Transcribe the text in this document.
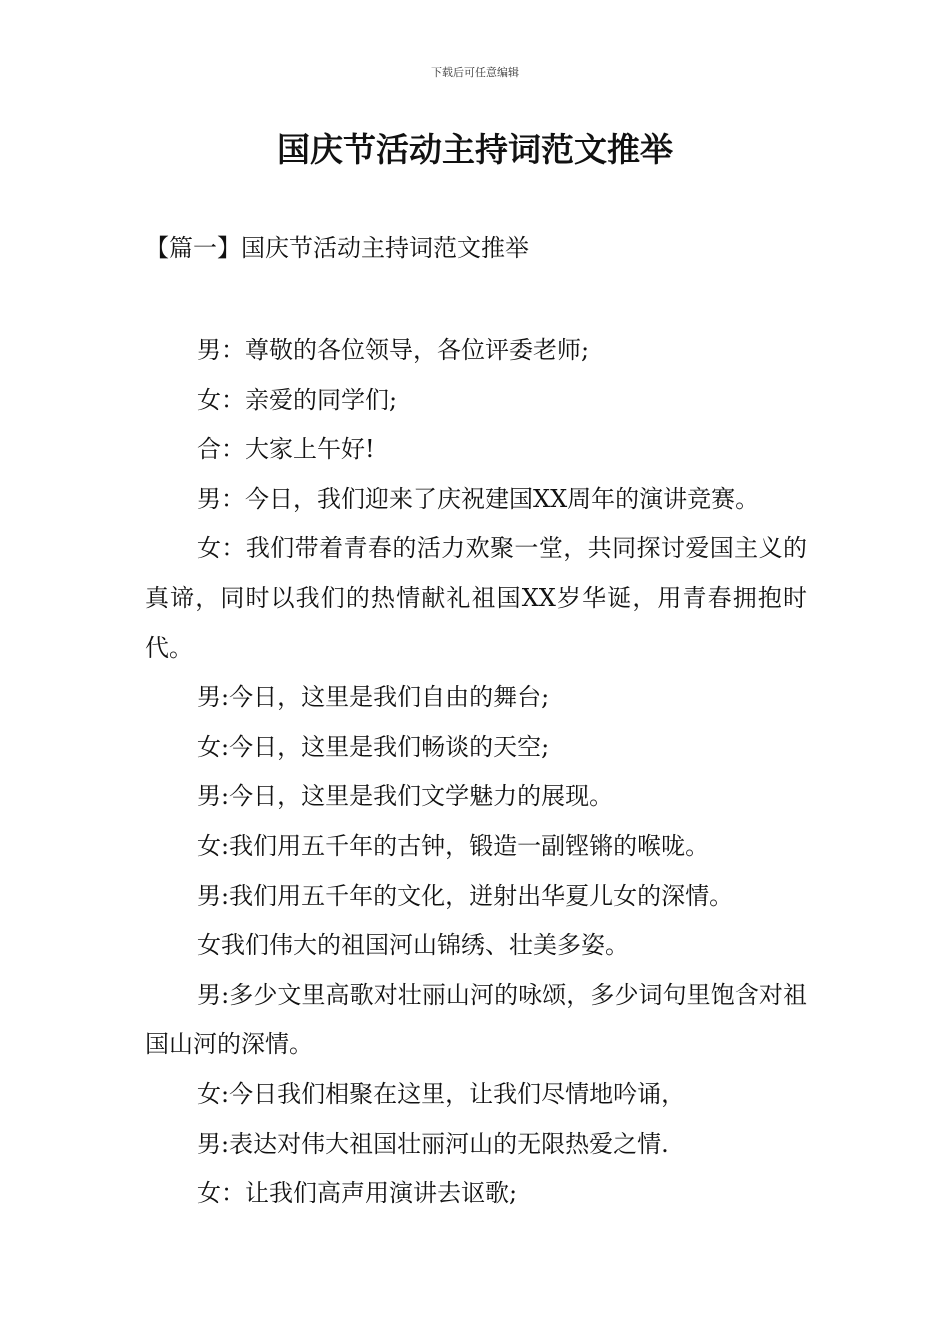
下载后可任意编辑
国庆节活动主持词范文推举
【篇一】国庆节活动主持词范文推举

男：尊敬的各位领导，各位评委老师;

女：亲爱的同学们;

合：大家上午好!

男：今日，我们迎来了庆祝建国XX周年的演讲竞赛。

女：我们带着青春的活力欢聚一堂，共同探讨爱国主义的真谛，同时以我们的热情献礼祖国XX岁华诞，用青春拥抱时代。

男:今日，这里是我们自由的舞台;

女:今日，这里是我们畅谈的天空;

男:今日，这里是我们文学魅力的展现。

女:我们用五千年的古钟，锻造一副铿锵的喉咙。

男:我们用五千年的文化，迸射出华夏儿女的深情。

女我们伟大的祖国河山锦绣、壮美多姿。

男:多少文里高歌对壮丽山河的咏颂，多少词句里饱含对祖国山河的深情。

女:今日我们相聚在这里，让我们尽情地吟诵，

男:表达对伟大祖国壮丽河山的无限热爱之情.

女：让我们高声用演讲去讴歌;
